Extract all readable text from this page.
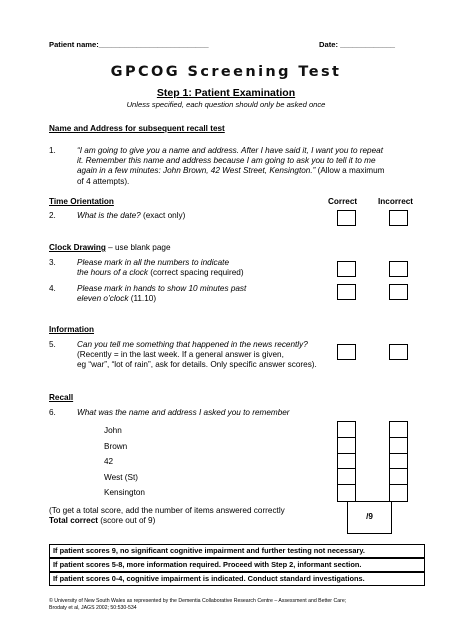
Patient name:__________________________	Date: _____________
GPCOG Screening Test
Step 1: Patient Examination
Unless specified, each question should only be asked once
Name and Address for subsequent recall test
1.	“I am going to give you a name and address. After I have said it, I want you to repeat
it. Remember this name and address because I am going to ask you to tell it to me
again in a few minutes: John Brown, 42 West Street, Kensington.” (Allow a maximum
of 4 attempts).
Time Orientation	Correct	Incorrect
2.	What is the date? (exact only)
Clock Drawing – use blank page
3.	Please mark in all the numbers to indicate
the hours of a clock (correct spacing required)
4.	Please mark in hands to show 10 minutes past
eleven o’clock (11.10)
Information
5.	Can you tell me something that happened in the news recently?
(Recently = in the last week. If a general answer is given,
eg “war”, “lot of rain”, ask for details. Only specific answer scores).
Recall
6.	What was the name and address I asked you to remember
John
Brown
42
West (St)
Kensington
(To get a total score, add the number of items answered correctly
Total correct (score out of 9)	/9
If patient scores 9, no significant cognitive impairment and further testing not necessary.
If patient scores 5-8, more information required. Proceed with Step 2, informant section.
If patient scores 0-4, cognitive impairment is indicated. Conduct standard investigations.
© University of New South Wales as represented by the Dementia Collaborative Research Centre – Assessment and Better Care;
Brodaty et al, JAGS 2002; 50:530-534
